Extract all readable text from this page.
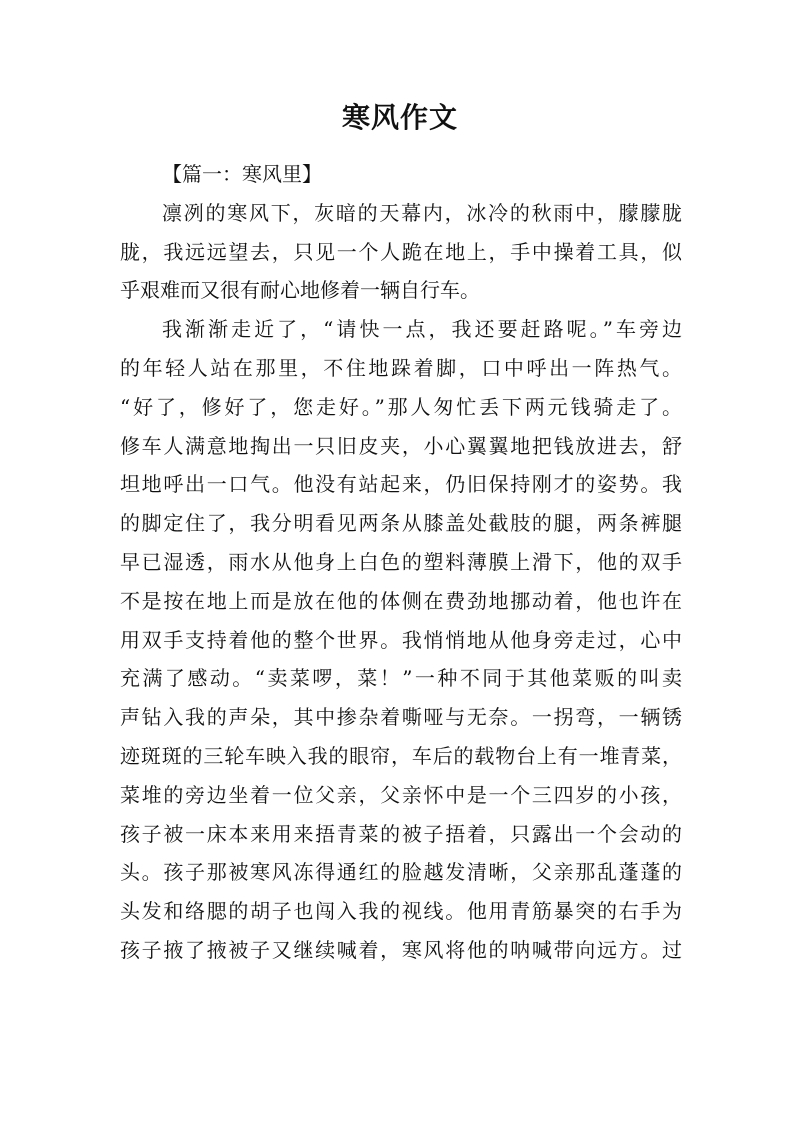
寒风作文
【篇一：寒风里】
凛冽的寒风下，灰暗的天幕内，冰冷的秋雨中，朦朦胧
胧，我远远望去，只见一个人跪在地上，手中操着工具，似
乎艰难而又很有耐心地修着一辆自行车。
我渐渐走近了，“请快一点，我还要赶路呢。”车旁边
的年轻人站在那里，不住地跺着脚，口中呼出一阵热气。
“好了，修好了，您走好。”那人匆忙丢下两元钱骑走了。
修车人满意地掏出一只旧皮夹，小心翼翼地把钱放进去，舒
坦地呼出一口气。他没有站起来，仍旧保持刚才的姿势。我
的脚定住了，我分明看见两条从膝盖处截肢的腿，两条裤腿
早已湿透，雨水从他身上白色的塑料薄膜上滑下，他的双手
不是按在地上而是放在他的体侧在费劲地挪动着，他也许在
用双手支持着他的整个世界。我悄悄地从他身旁走过，心中
充满了感动。“卖菜啰，菜！”一种不同于其他菜贩的叫卖
声钻入我的声朵，其中掺杂着嘶哑与无奈。一拐弯，一辆锈
迹斑斑的三轮车映入我的眼帘，车后的载物台上有一堆青菜，
菜堆的旁边坐着一位父亲，父亲怀中是一个三四岁的小孩，
孩子被一床本来用来捂青菜的被子捂着，只露出一个会动的
头。孩子那被寒风冻得通红的脸越发清晰，父亲那乱蓬蓬的
头发和络腮的胡子也闯入我的视线。他用青筋暴突的右手为
孩子掖了掖被子又继续喊着，寒风将他的呐喊带向远方。过
